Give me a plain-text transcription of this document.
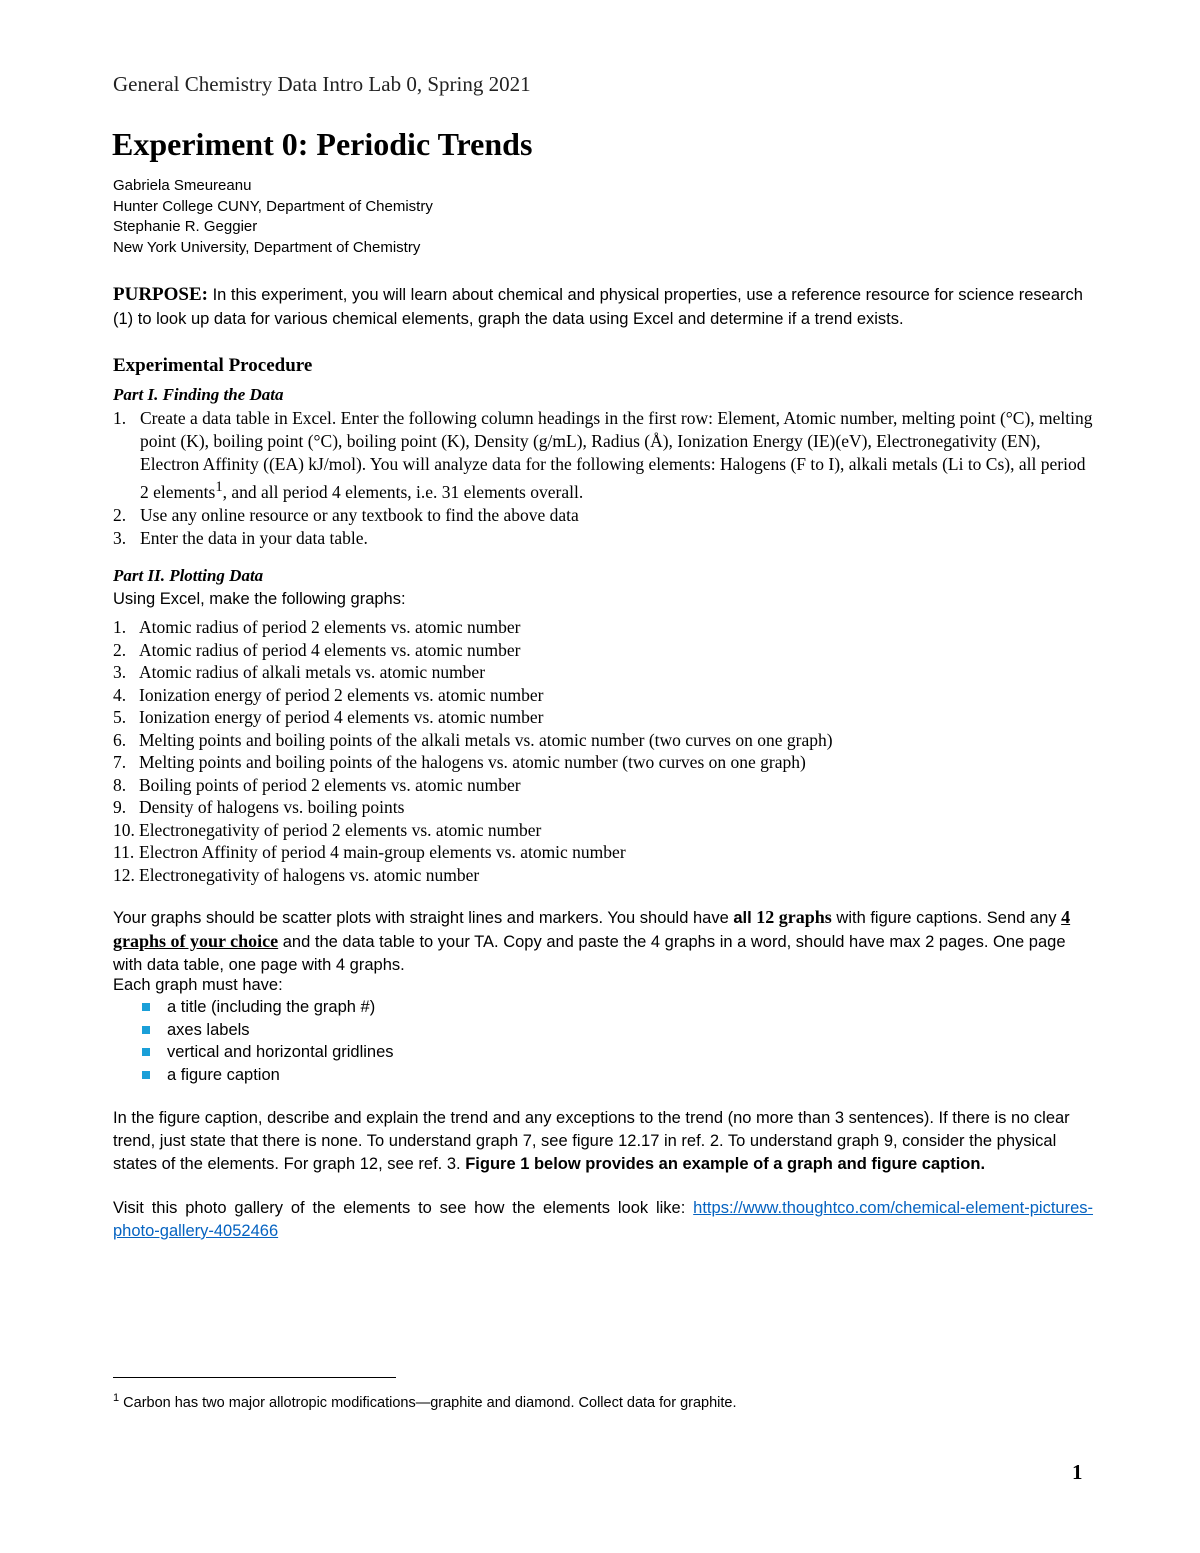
General Chemistry Data Intro Lab 0, Spring 2021
Experiment 0: Periodic Trends
Gabriela Smeureanu
Hunter College CUNY, Department of Chemistry
Stephanie R. Geggier
New York University, Department of Chemistry
PURPOSE: In this experiment, you will learn about chemical and physical properties, use a reference resource for science research (1) to look up data for various chemical elements, graph the data using Excel and determine if a trend exists.
Experimental Procedure
Part I. Finding the Data
1. Create a data table in Excel. Enter the following column headings in the first row: Element, Atomic number, melting point (°C), melting point (K), boiling point (°C), boiling point (K), Density (g/mL), Radius (Å), Ionization Energy (IE)(eV), Electronegativity (EN), Electron Affinity ((EA) kJ/mol). You will analyze data for the following elements: Halogens (F to I), alkali metals (Li to Cs), all period 2 elements$^1$, and all period 4 elements, i.e. 31 elements overall.
2. Use any online resource or any textbook to find the above data
3. Enter the data in your data table.
Part II. Plotting Data
Using Excel, make the following graphs:
1. Atomic radius of period 2 elements vs. atomic number
2. Atomic radius of period 4 elements vs. atomic number
3. Atomic radius of alkali metals vs. atomic number
4. Ionization energy of period 2 elements vs. atomic number
5. Ionization energy of period 4 elements vs. atomic number
6. Melting points and boiling points of the alkali metals vs. atomic number (two curves on one graph)
7. Melting points and boiling points of the halogens vs. atomic number (two curves on one graph)
8. Boiling points of period 2 elements vs. atomic number
9. Density of halogens vs. boiling points
10. Electronegativity of period 2 elements vs. atomic number
11. Electron Affinity of period 4 main-group elements vs. atomic number
12. Electronegativity of halogens vs. atomic number
Your graphs should be scatter plots with straight lines and markers. You should have all 12 graphs with figure captions. Send any 4 graphs of your choice and the data table to your TA. Copy and paste the 4 graphs in a word, should have max 2 pages. One page with data table, one page with 4 graphs.
Each graph must have:
a title (including the graph #)
axes labels
vertical and horizontal gridlines
a figure caption
In the figure caption, describe and explain the trend and any exceptions to the trend (no more than 3 sentences). If there is no clear trend, just state that there is none. To understand graph 7, see figure 12.17 in ref. 2. To understand graph 9, consider the physical states of the elements. For graph 12, see ref. 3. Figure 1 below provides an example of a graph and figure caption.
Visit this photo gallery of the elements to see how the elements look like: https://www.thoughtco.com/chemical-element-pictures-photo-gallery-4052466
$^1$ Carbon has two major allotropic modifications—graphite and diamond. Collect data for graphite.
1
